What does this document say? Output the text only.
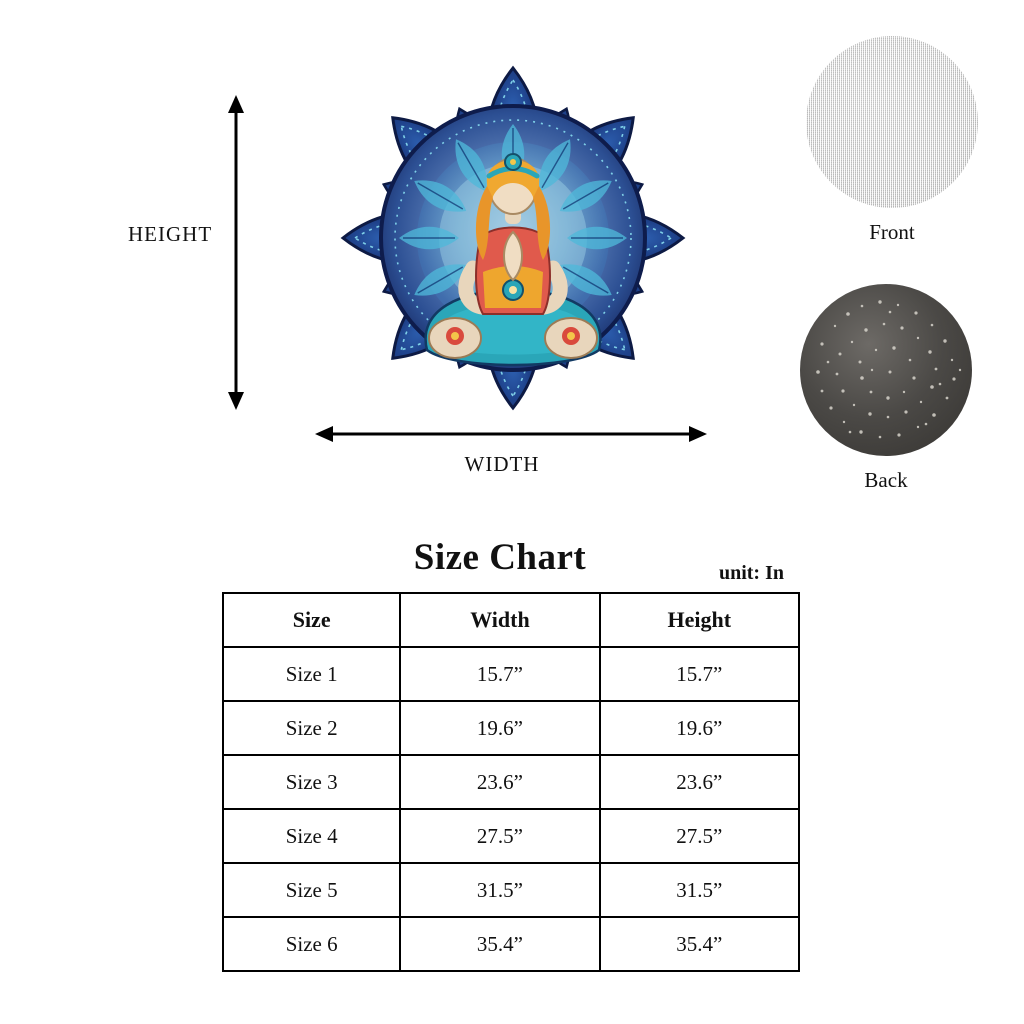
HEIGHT
WIDTH
Front
Back
Size Chart	unit: In
Size	Width	Height
Size 1	15.7”	15.7”
Size 2	19.6”	19.6”
Size 3	23.6”	23.6”
Size 4	27.5”	27.5”
Size 5	31.5”	31.5”
Size 6	35.4”	35.4”
